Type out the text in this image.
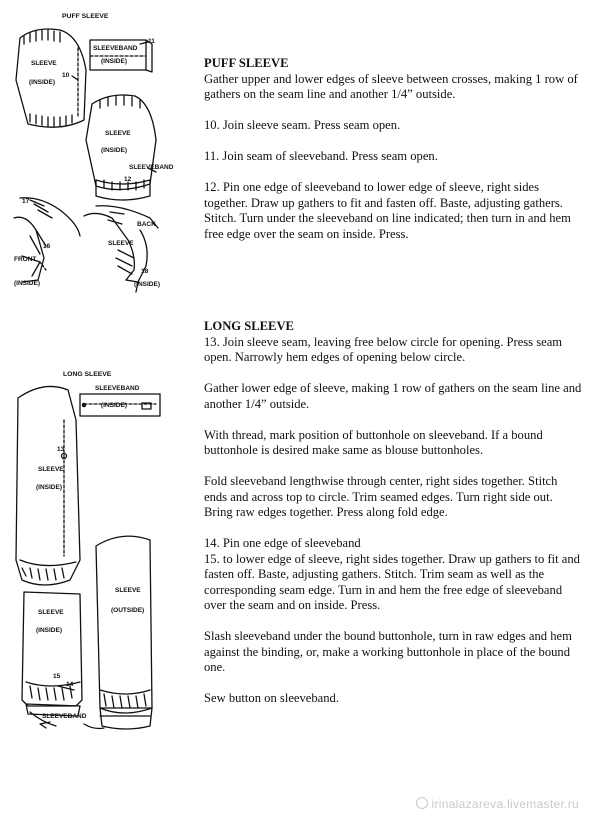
PUFF SLEEVE
SLEEVEBAND
11
(INSIDE)
SLEEVE
(INSIDE)
10
SLEEVE
(INSIDE)
SLEEVEBAND
12
17
BACK
SLEEVE
16
FRONT
(INSIDE)
18
(INSIDE)
LONG SLEEVE
SLEEVEBAND
(INSIDE)
13
SLEEVE
(INSIDE)
SLEEVE
(INSIDE)
SLEEVE
(OUTSIDE)
15
14
SLEEVEBAND
PUFF SLEEVE

Gather upper and lower edges of sleeve between crosses, making 1 row of gathers on the seam line and another 1/4” outside.

10. Join sleeve seam. Press seam open.

11. Join seam of sleeveband. Press seam open.

12. Pin one edge of sleeveband to lower edge of sleeve, right sides together. Draw up gathers to fit and fasten off. Baste, adjusting gathers. Stitch. Turn under the sleeveband on line indicated; then turn in and hem free edge over the seam on inside. Press.

LONG SLEEVE

13. Join sleeve seam, leaving free below circle for opening. Press seam open. Narrowly hem edges of opening below circle.

Gather lower edge of sleeve, making 1 row of gathers on the seam line and another 1/4” outside.

With thread, mark position of buttonhole on sleeveband. If a bound buttonhole is desired make same as blouse buttonholes.

Fold sleeveband lengthwise through center, right sides together. Stitch ends and across top to circle. Trim seamed edges. Turn right side out. Bring raw edges together. Press along fold edge.

14. Pin one edge of sleeveband
15. to lower edge of sleeve, right sides together. Draw up gathers to fit and fasten off. Baste, adjusting gathers. Stitch. Trim seam as well as the corresponding seam edge. Turn in and hem the free edge of sleeveband over the seam and on inside. Press.

Slash sleeveband under the bound buttonhole, turn in raw edges and hem against the binding, or, make a working buttonhole in place of the bound one.

Sew button on sleeveband.

irinalazareva.livemaster.ru
